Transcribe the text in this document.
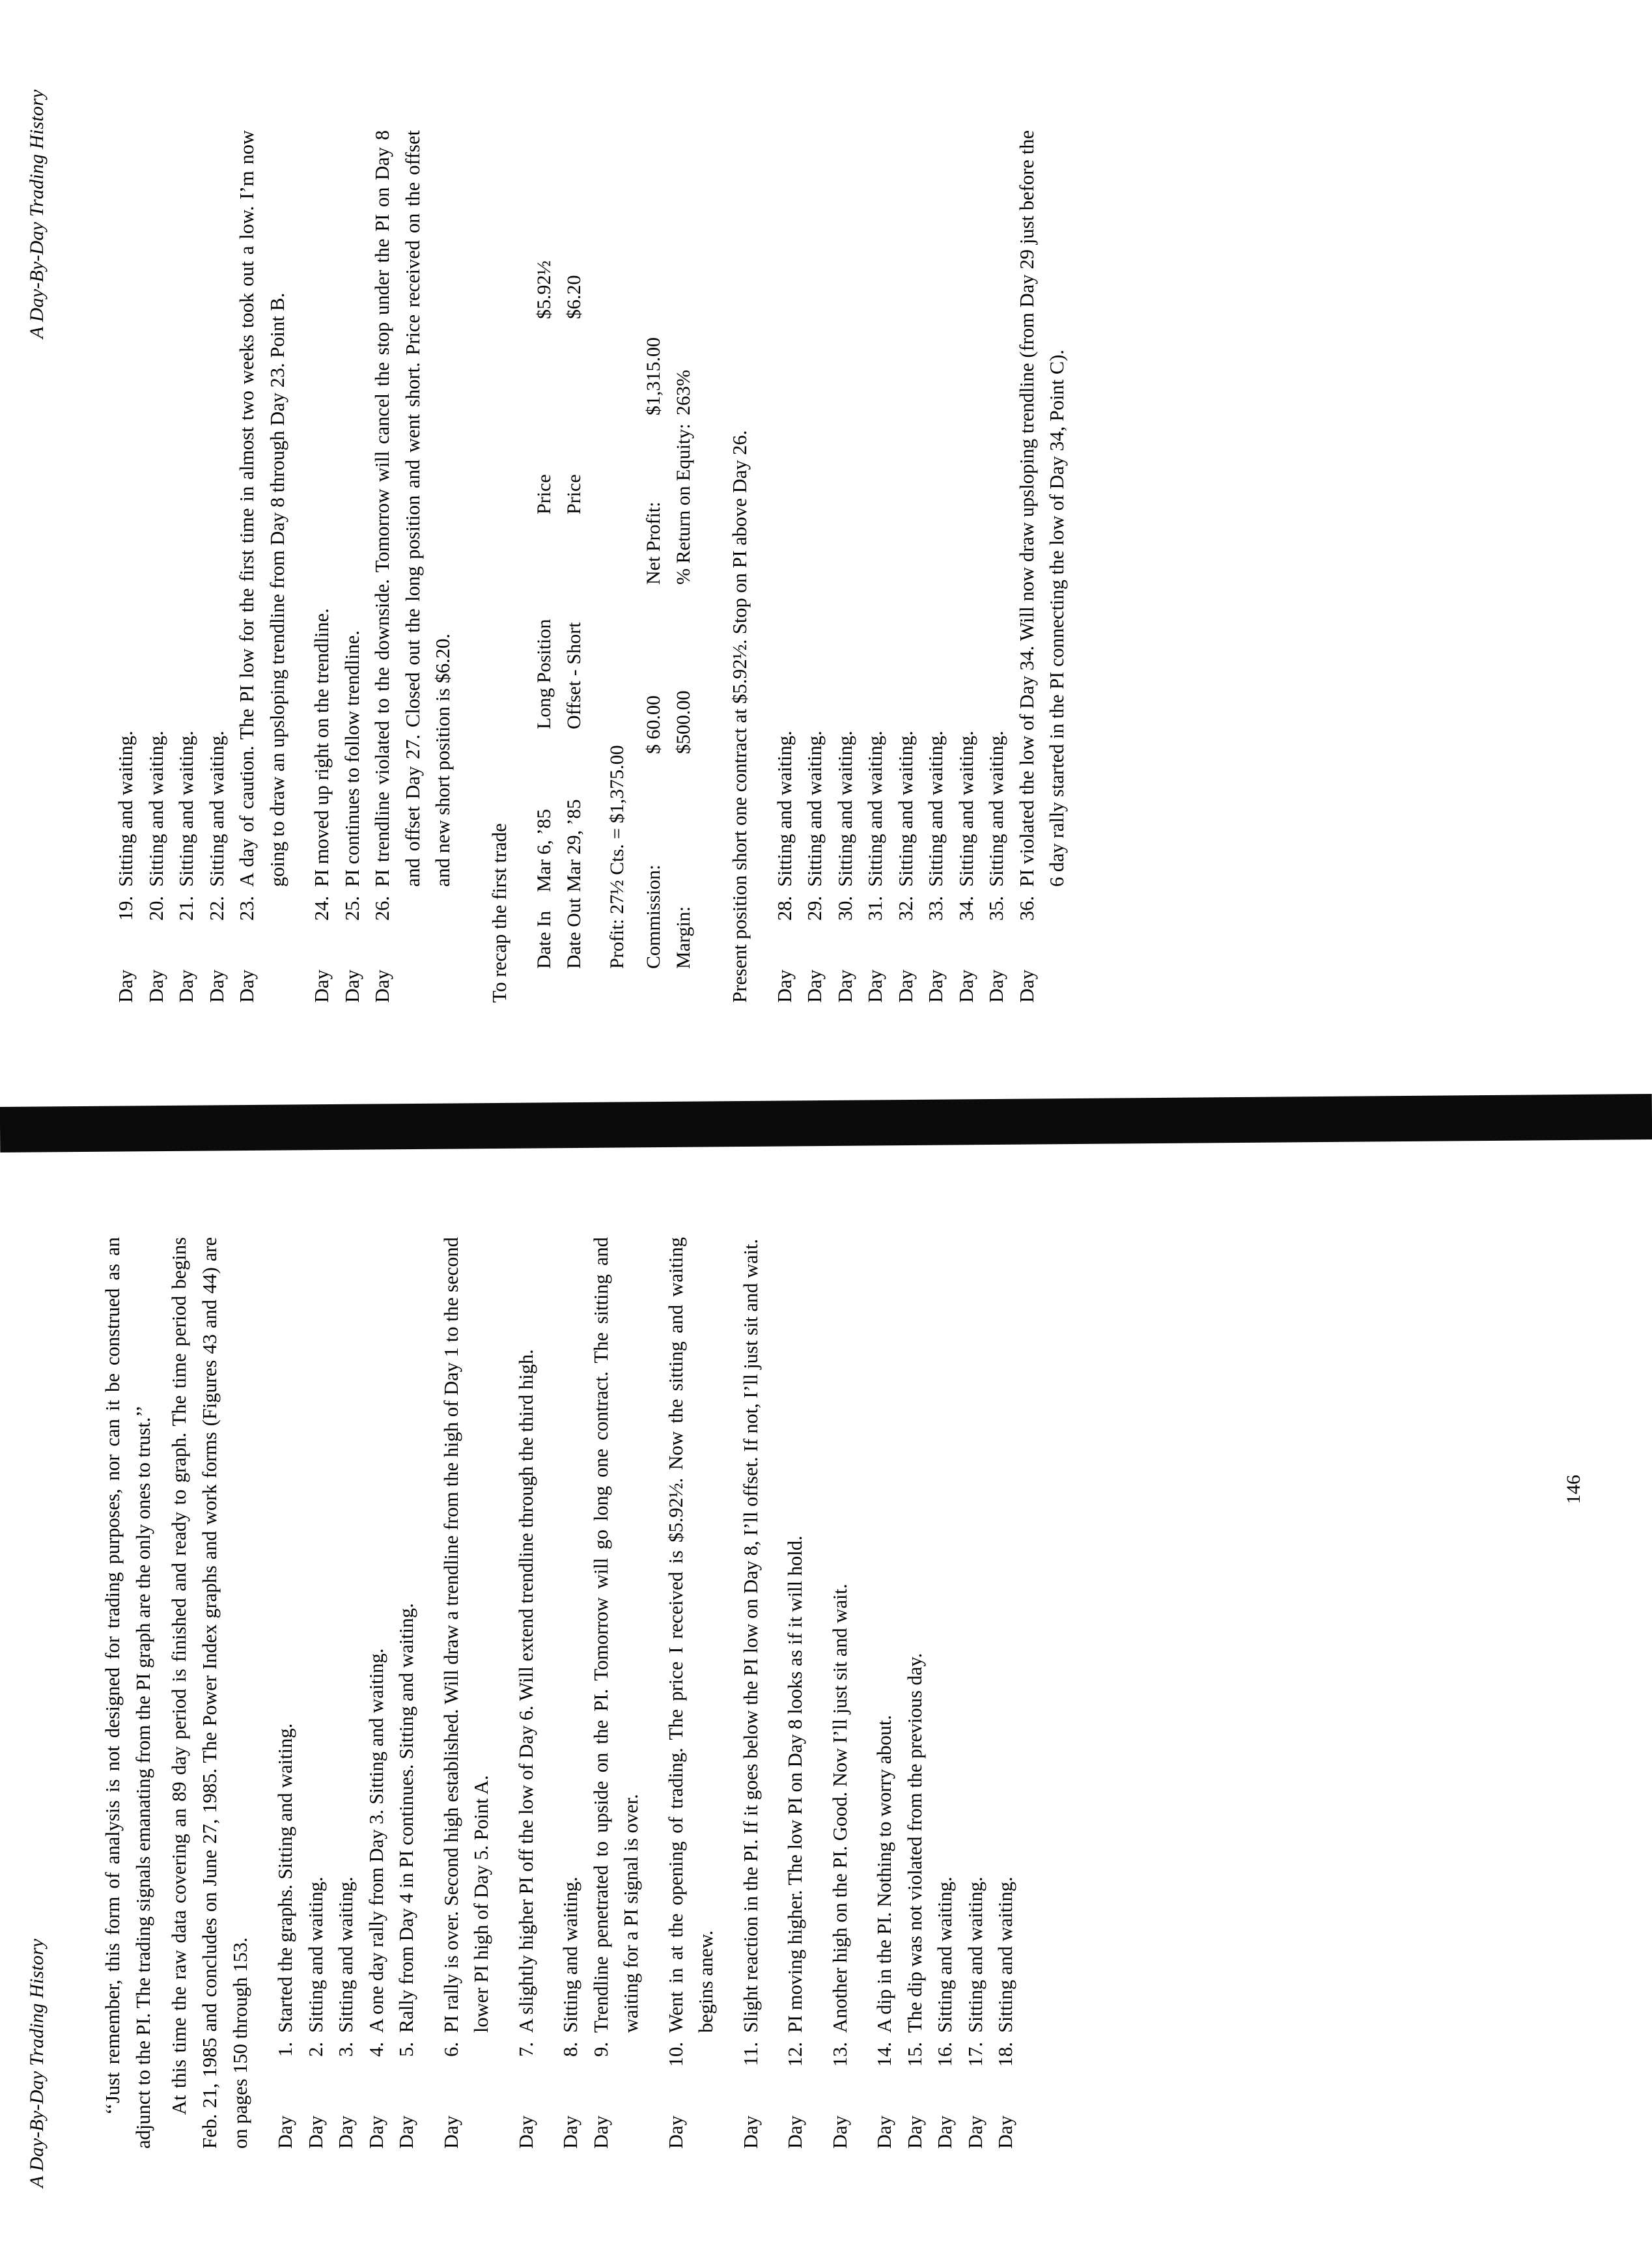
A Day-By-Day Trading History
Day
19.
Sitting and waiting.
Day
20.
Sitting and waiting.
Day
21.
Sitting and waiting.
Day
22.
Sitting and waiting.
Day
23.
A day of caution. The PI low for the first time in almost two weeks took out a low. I’m now going to draw an upsloping trendline from Day 8 through Day 23. Point B.
Day
24.
PI moved up right on the trendline.
Day
25.
PI continues to follow trendline.
Day
26.
PI trendline violated to the downside. Tomorrow will cancel the stop under the PI on Day 8 and offset Day 27. Closed out the long position and went short. Price received on the offset and new short position is $6.20.
To recap the first trade Date In
Mar 6, ’85
Long Position
Price
$5.92½
Date Out
Mar 29, ’85
Offset - Short
Price
$6.20
Profit: 27½ Cts. = $1,375.00 Commission:
$ 60.00
Net Profit:
$1,315.00
Margin:
$500.00
% Return on Equity:
263%
Present position short one contract at $5.92½. Stop on PI above Day 26. Day
28.
Sitting and waiting.
Day
29.
Sitting and waiting.
Day
30.
Sitting and waiting.
Day
31.
Sitting and waiting.
Day
32.
Sitting and waiting.
Day
33.
Sitting and waiting.
Day
34.
Sitting and waiting.
Day
35.
Sitting and waiting.
Day
36.
PI violated the low of Day 34. Will now draw upsloping trendline (from Day 29 just before the 6 day rally started in the PI connecting the low of Day 34, Point C).
A Day-By-Day Trading History	‘‘Just remember, this form of analysis is not designed for trading purposes, nor can it be construed as an adjunct to the PI. The trading signals emanating from the PI graph are the only ones to trust.’’ At this time the raw data covering an 89 day period is finished and ready to graph. The time period begins Feb. 21, 1985 and concludes on June 27, 1985. The Power Index graphs and work forms (Figures 43 and 44) are on pages 150 through 153. Day
1.
Started the graphs. Sitting and waiting.
Day
2.
Sitting and waiting.
Day
3.
Sitting and waiting.
Day
4.
A one day rally from Day 3. Sitting and waiting.
Day
5.
Rally from Day 4 in PI continues. Sitting and waiting.
Day
6.
PI rally is over. Second high established. Will draw a trendline from the high of Day 1 to the second lower PI high of Day 5. Point A.
Day
7.
A slightly higher PI off the low of Day 6. Will extend trendline through the third high.
Day
8.
Sitting and waiting.
Day
9.
Trendline penetrated to upside on the PI. Tomorrow will go long one contract. The sitting and waiting for a PI signal is over.
Day
10.
Went in at the opening of trading. The price I received is $5.92½. Now the sitting and waiting begins anew.
Day
11.
Slight reaction in the PI. If it goes below the PI low on Day 8, I’ll offset. If not, I’ll just sit and wait.
Day
12.
PI moving higher. The low PI on Day 8 looks as if it will hold.
Day
13.
Another high on the PI. Good. Now I’ll just sit and wait.
Day
14.
A dip in the PI. Nothing to worry about.
Day
15.
The dip was not violated from the previous day.
Day
16.
Sitting and waiting.
Day
17.
Sitting and waiting.
Day
18.
Sitting and waiting.
146
